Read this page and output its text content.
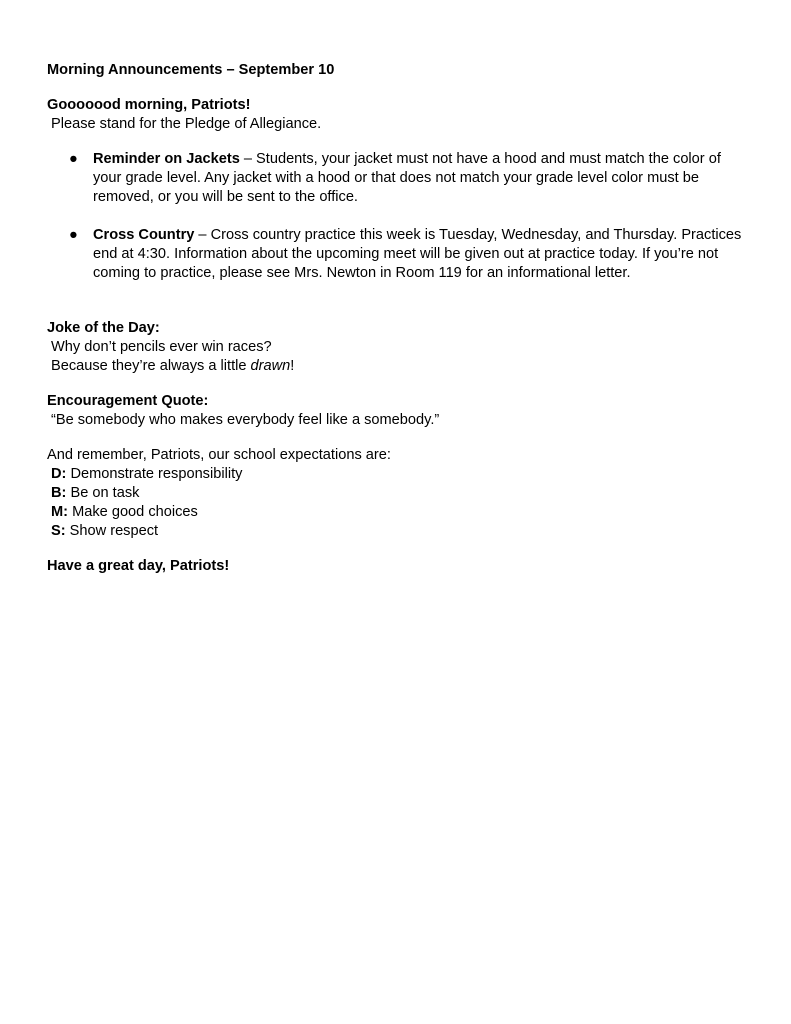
Morning Announcements – September 10
Gooooood morning, Patriots!
Please stand for the Pledge of Allegiance.
● Reminder on Jackets – Students, your jacket must not have a hood and must match the color of your grade level. Any jacket with a hood or that does not match your grade level color must be removed, or you will be sent to the office.
● Cross Country – Cross country practice this week is Tuesday, Wednesday, and Thursday. Practices end at 4:30. Information about the upcoming meet will be given out at practice today. If you’re not coming to practice, please see Mrs. Newton in Room 119 for an informational letter.
Joke of the Day:
Why don’t pencils ever win races?
Because they’re always a little drawn!
Encouragement Quote:
“Be somebody who makes everybody feel like a somebody.”
And remember, Patriots, our school expectations are:
D: Demonstrate responsibility
B: Be on task
M: Make good choices
S: Show respect
Have a great day, Patriots!
